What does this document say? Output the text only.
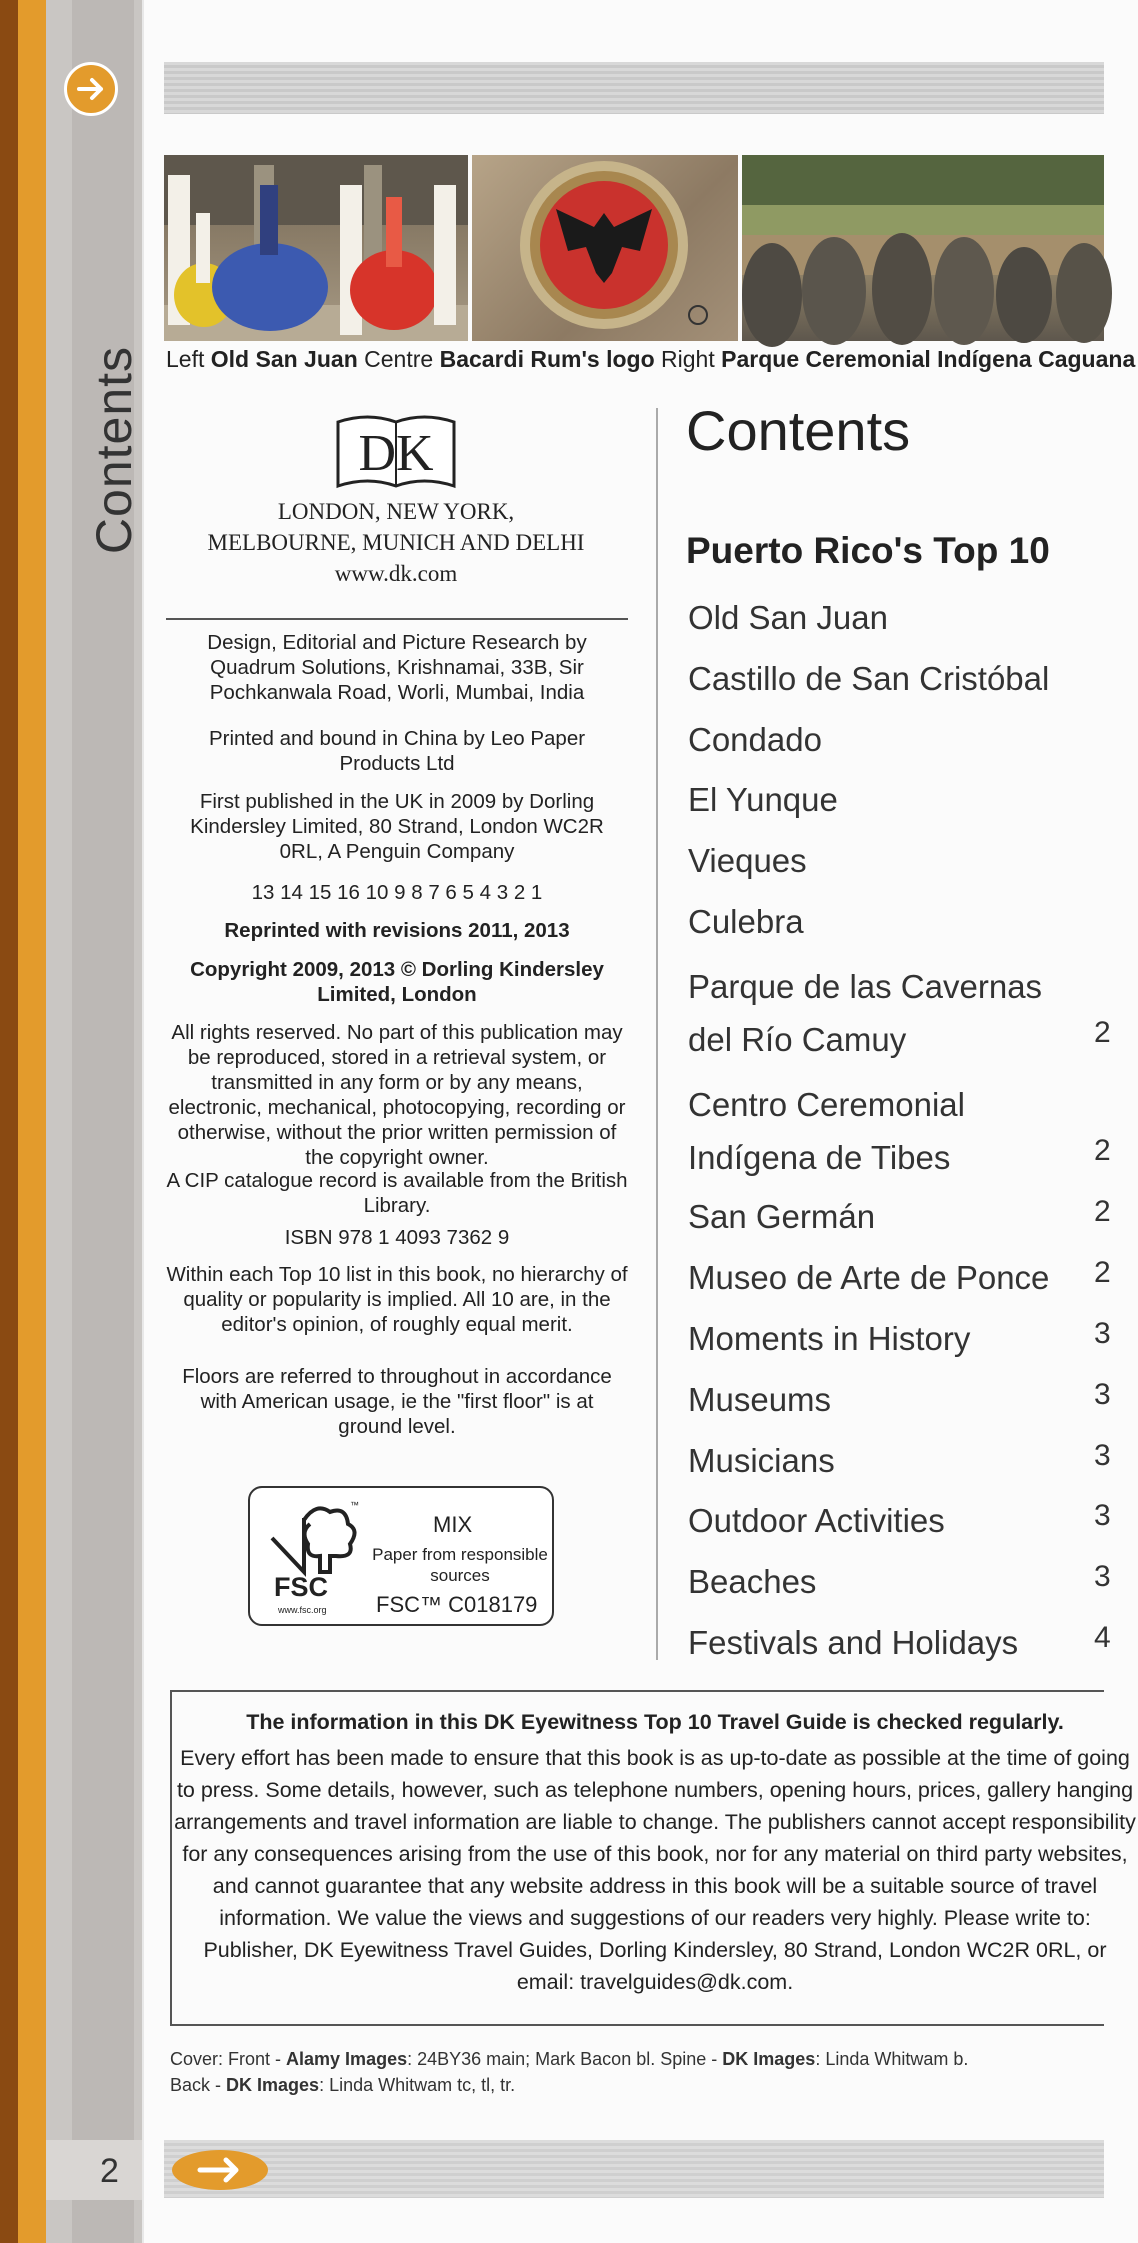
Contents
2
Left Old San Juan Centre Bacardi Rum's logo Right Parque Ceremonial Indígena Caguana
DK
LONDON, NEW YORK,
MELBOURNE, MUNICH AND DELHI
www.dk.com
Design, Editorial and Picture Research by Quadrum Solutions, Krishnamai, 33B, Sir Pochkanwala Road, Worli, Mumbai, India
Printed and bound in China by Leo Paper Products Ltd
First published in the UK in 2009 by Dorling Kindersley Limited, 80 Strand, London WC2R 0RL, A Penguin Company
13 14 15 16 10 9 8 7 6 5 4 3 2 1
Reprinted with revisions 2011, 2013
Copyright 2009, 2013 © Dorling Kindersley Limited, London
All rights reserved. No part of this publication may be reproduced, stored in a retrieval system, or transmitted in any form or by any means, electronic, mechanical, photocopying, recording or otherwise, without the prior written permission of the copyright owner.
A CIP catalogue record is available from the British Library.
ISBN 978 1 4093 7362 9
Within each Top 10 list in this book, no hierarchy of quality or popularity is implied. All 10 are, in the editor's opinion, of roughly equal merit.
Floors are referred to throughout in accordance with American usage, ie the "first floor" is at ground level.
™
FSC
www.fsc.org
MIX
Paper from responsible sources
FSC™ C018179
Contents
Puerto Rico's Top 10
Old San Juan
Castillo de San Cristóbal
Condado
El Yunque
Vieques
Culebra
Parque de las Cavernas
del Río Camuy	2
Centro Ceremonial
Indígena de Tibes	2
San Germán	2
Museo de Arte de Ponce	2
Moments in History	3
Museums	3
Musicians	3
Outdoor Activities	3
Beaches	3
Festivals and Holidays	4
The information in this DK Eyewitness Top 10 Travel Guide is checked regularly.
Every effort has been made to ensure that this book is as up-to-date as possible at the time of going to press. Some details, however, such as telephone numbers, opening hours, prices, gallery hanging arrangements and travel information are liable to change. The publishers cannot accept responsibility for any consequences arising from the use of this book, nor for any material on third party websites, and cannot guarantee that any website address in this book will be a suitable source of travel information. We value the views and suggestions of our readers very highly. Please write to: Publisher, DK Eyewitness Travel Guides, Dorling Kindersley, 80 Strand, London WC2R 0RL, or email: travelguides@dk.com.
Cover: Front - Alamy Images: 24BY36 main; Mark Bacon bl. Spine - DK Images: Linda Whitwam b.
Back - DK Images: Linda Whitwam tc, tl, tr.
